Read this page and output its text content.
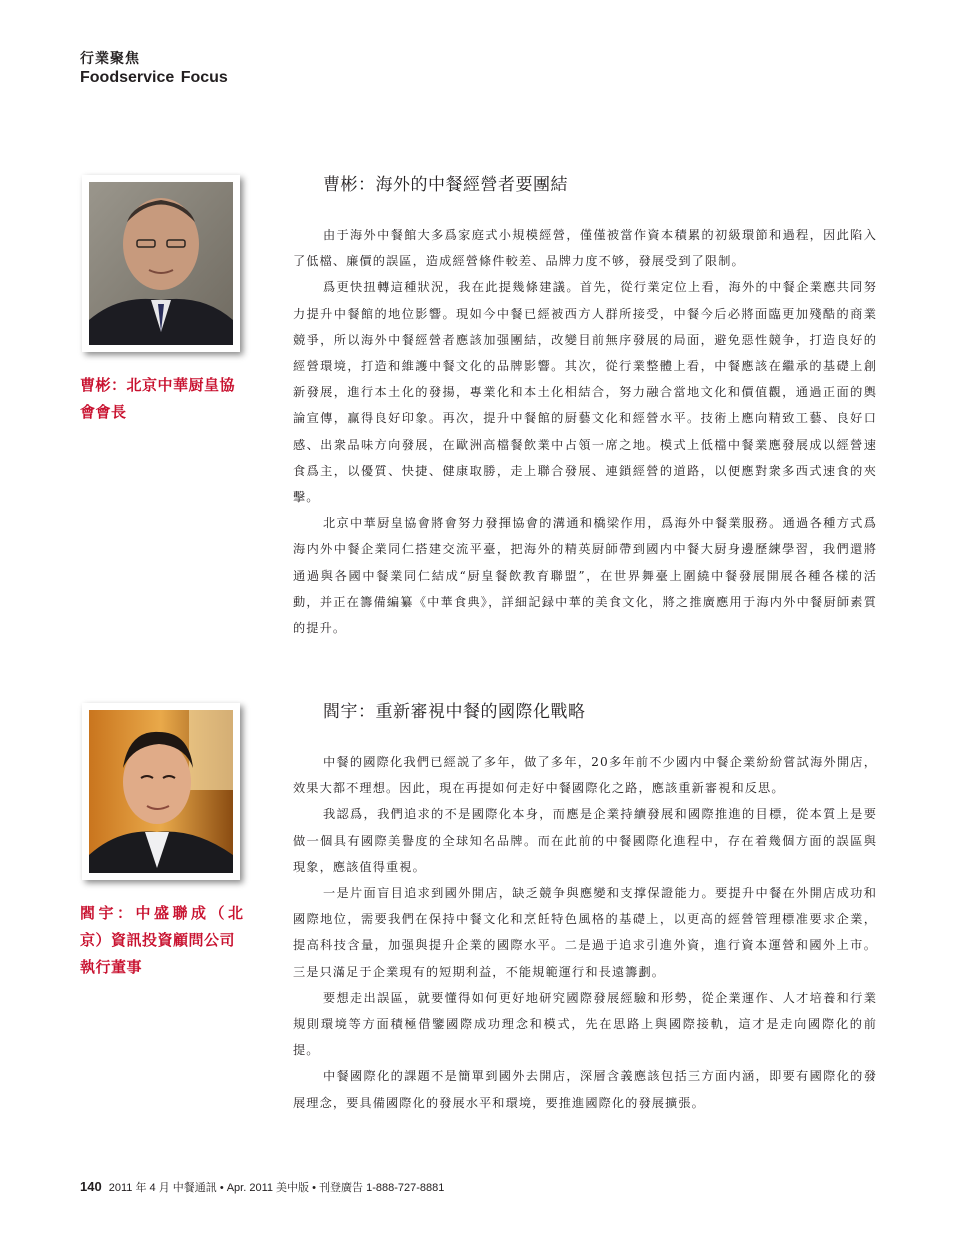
行業聚焦
Foodservice Focus
曹彬：北京中華厨皇協
會會長
曹彬：海外的中餐經營者要團結

由于海外中餐館大多爲家庭式小規模經營，僅僅被當作資本積累的初級環節和過程，因此陷入了低檔、廉價的誤區，造成經營條件較差、品牌力度不够，發展受到了限制。

爲更快扭轉這種狀況，我在此提幾條建議。首先，從行業定位上看，海外的中餐企業應共同努力提升中餐館的地位影響。現如今中餐已經被西方人群所接受，中餐今后必將面臨更加殘酷的商業競爭，所以海外中餐經營者應該加强團結，改變目前無序發展的局面，避免惡性競争，打造良好的經營環境，打造和維護中餐文化的品牌影響。其次，從行業整體上看，中餐應該在繼承的基礎上創新發展，進行本土化的發揚，專業化和本土化相結合，努力融合當地文化和價值觀，通過正面的輿論宣傳，赢得良好印象。再次，提升中餐館的厨藝文化和經營水平。技術上應向精致工藝、良好口感、出衆品味方向發展，在歐洲高檔餐飲業中占領一席之地。模式上低檔中餐業應發展成以經營速食爲主，以優質、快捷、健康取勝，走上聯合發展、連鎖經營的道路，以便應對衆多西式速食的夾擊。

北京中華厨皇協會將會努力發揮協會的溝通和橋梁作用，爲海外中餐業服務。通過各種方式爲海内外中餐企業同仁搭建交流平臺，把海外的精英厨師帶到國内中餐大厨身邊歷練學習，我們還將通過與各國中餐業同仁結成“厨皇餐飲教育聯盟”，在世界舞臺上圍繞中餐發展開展各種各樣的活動，并正在籌備編纂《中華食典》，詳細記録中華的美食文化，將之推廣應用于海内外中餐厨師素質的提升。

閻宇：中盛聯成（北
京）資訊投資顧問公司
執行董事
閻宇：重新審視中餐的國際化戰略

中餐的國際化我們已經説了多年，做了多年，20多年前不少國内中餐企業紛紛嘗試海外開店，效果大都不理想。因此，現在再提如何走好中餐國際化之路，應該重新審視和反思。

我認爲，我們追求的不是國際化本身，而應是企業持續發展和國際推進的目標，從本質上是要做一個具有國際美譽度的全球知名品牌。而在此前的中餐國際化進程中，存在着幾個方面的誤區與現象，應該值得重視。

一是片面盲目追求到國外開店，缺乏競争與應變和支撑保證能力。要提升中餐在外開店成功和國際地位，需要我們在保持中餐文化和烹飪特色風格的基礎上，以更高的經營管理標准要求企業，提高科技含量，加强與提升企業的國際水平。二是過于追求引進外資，進行資本運營和國外上市。三是只滿足于企業現有的短期利益，不能規範運行和長遠籌劃。

要想走出誤區，就要懂得如何更好地研究國際發展經驗和形勢，從企業運作、人才培養和行業規則環境等方面積極借鑒國際成功理念和模式，先在思路上與國際接軌，這才是走向國際化的前提。

中餐國際化的課題不是簡單到國外去開店，深層含義應該包括三方面内涵，即要有國際化的發展理念，要具備國際化的發展水平和環境，要推進國際化的發展擴張。

140 2011 年 4 月 中餐通訊 • Apr. 2011 美中版 • 刊登廣告 1-888-727-8881
